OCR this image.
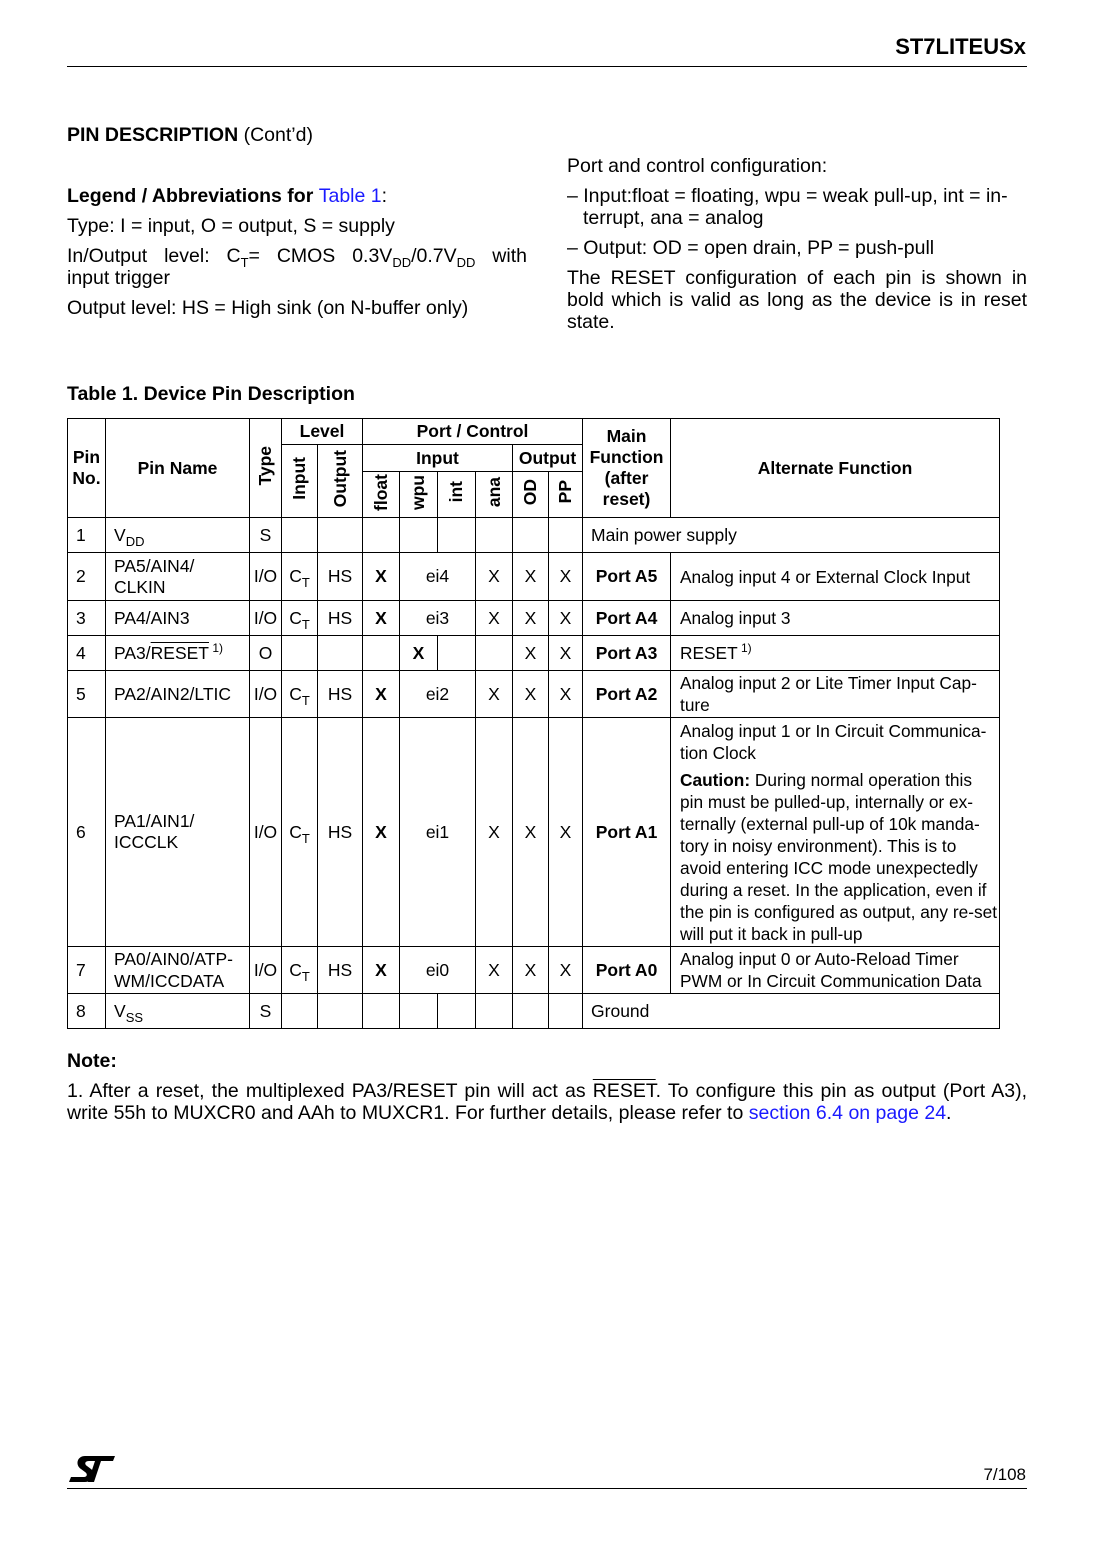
ST7LITEUSx
PIN DESCRIPTION (Cont’d)
Legend / Abbreviations for Table 1:
Type: I = input, O = output, S = supply
In/Output level: $C_T=$ CMOS $0.3V_{DD}/0.7V_{DD}$ with
input trigger
Output level: HS = High sink (on N-buffer only)
Port and control configuration:
– Input:float = floating, wpu = weak pull-up, int = in-
terrupt, ana = analog
– Output: OD = open drain, PP = push-pull
The RESET configuration of each pin is shown in bold which is valid as long as the device is in reset state.
Table 1. Device Pin Description
Pin No.	Pin Name	Type	Level		Port / Control						Main Function (after reset)	Alternate Function
			Input	Output	Input				Output			
					float	wpu	int	ana	OD	PP		
1	$V_{DD}$	S									Main power supply	
2	PA5/AIN4/ CLKIN	I/O	$C_T$	HS	X	ei4		X	X	X	Port A5	Analog input 4 or External Clock Input
3	PA4/AIN3	I/O	$C_T$	HS	X	ei3		X	X	X	Port A4	Analog input 3
4	PA3/RESET $^{1)}$	O				X			X	X	Port A3	RESET $^{1)}$
5	PA2/AIN2/LTIC	I/O	$C_T$	HS	X	ei2		X	X	X	Port A2	Analog input 2 or Lite Timer Input Cap-ture
6	PA1/AIN1/ ICCCLK	I/O	$C_T$	HS	X	ei1		X	X	X	Port A1	Analog input 1 or In Circuit Communica-tion Clock
Caution: During normal operation this pin must be pulled-up, internally or ex-ternally (external pull-up of 10k manda-tory in noisy environment). This is to avoid entering ICC mode unexpectedly during a reset. In the application, even if the pin is configured as output, any re-set will put it back in pull-up

7	PA0/AIN0/ATP-WM/ICCDATA	I/O	$C_T$	HS	X	ei0		X	X	X	Port A0	Analog input 0 or Auto-Reload Timer PWM or In Circuit Communication Data
8	$V_{SS}$	S									Ground	
Note:
1. After a reset, the multiplexed PA3/RESET pin will act as RESET. To configure this pin as output (Port A3), write 55h to MUXCR0 and AAh to MUXCR1. For further details, please refer to section 6.4 on page 24.
7/108
